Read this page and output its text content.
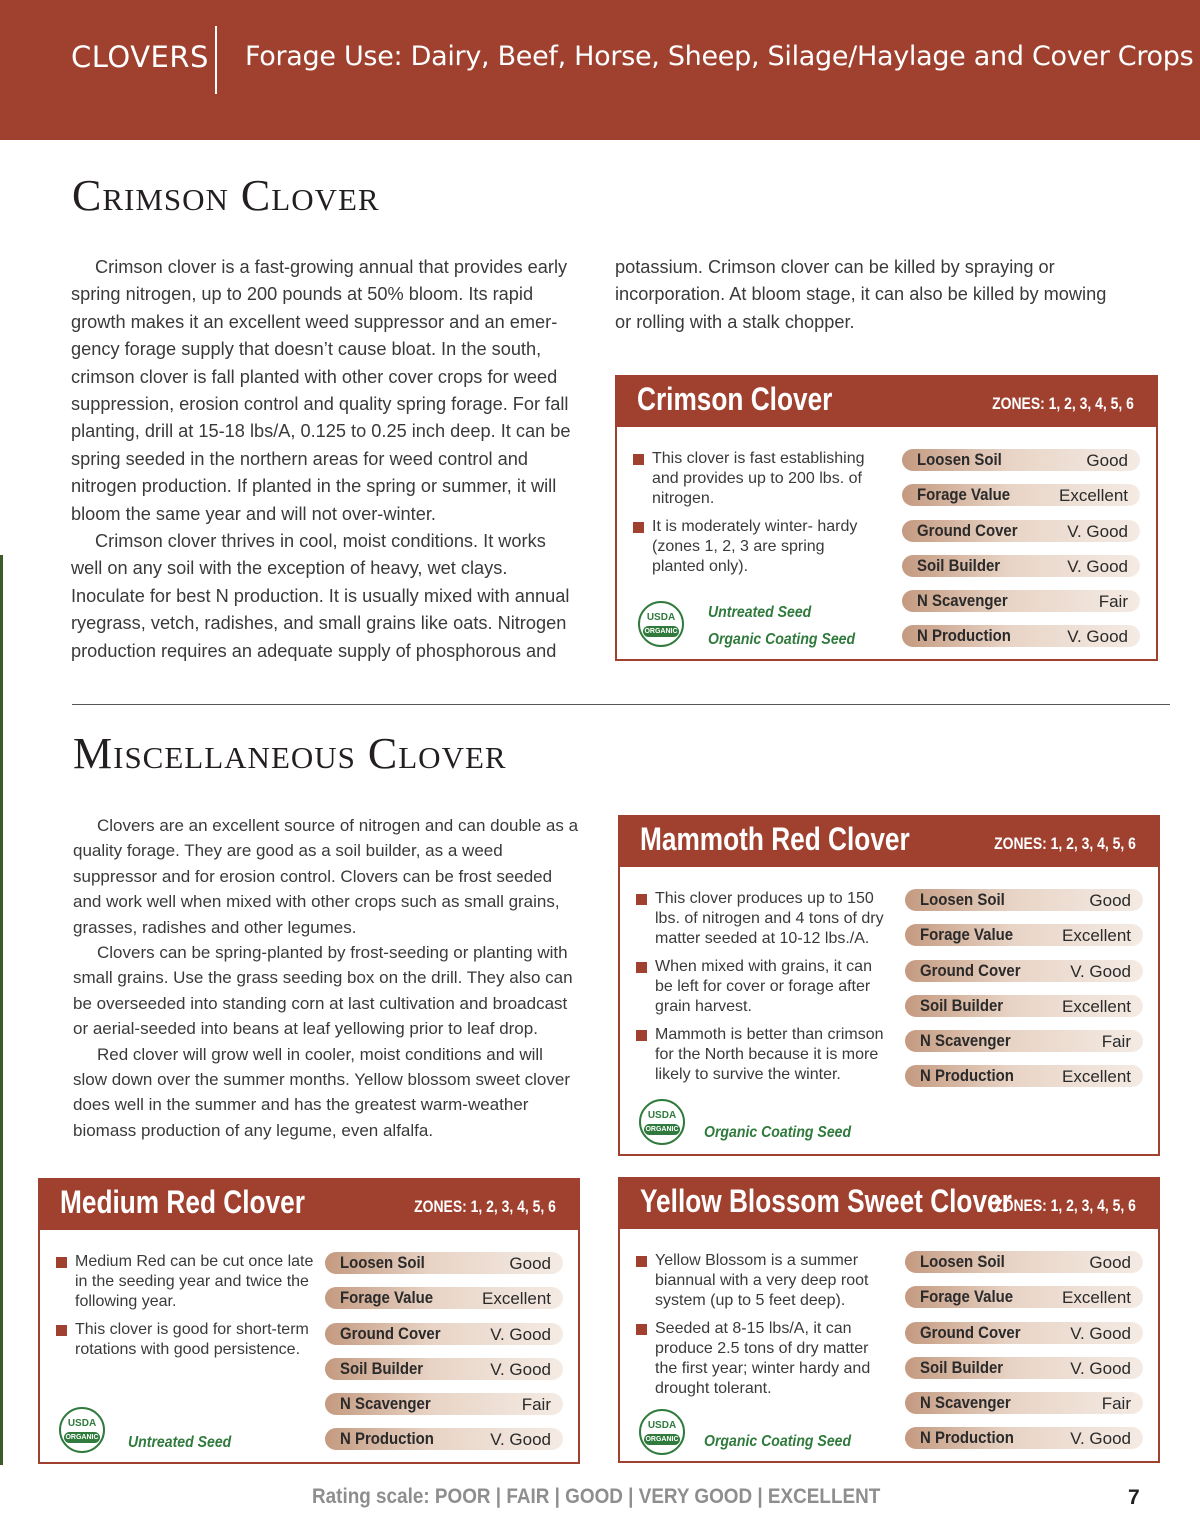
CLOVERS Forage Use: Dairy, Beef, Horse, Sheep, Silage/Haylage and Cover Crops
Crimson Clover

Crimson clover is a fast-growing annual that provides early spring nitrogen, up to 200 pounds at 50% bloom. Its rapid growth makes it an excellent weed suppressor and an emer- gency forage supply that doesn’t cause bloat. In the south, crimson clover is fall planted with other cover crops for weed suppression, erosion control and quality spring forage. For fall planting, drill at 15-18 lbs/A, 0.125 to 0.25 inch deep. It can be spring seeded in the northern areas for weed control and nitrogen production. If planted in the spring or summer, it will bloom the same year and will not over-winter.

Crimson clover thrives in cool, moist conditions. It works well on any soil with the exception of heavy, wet clays. Inoculate for best N production. It is usually mixed with annual ryegrass, vetch, radishes, and small grains like oats. Nitrogen production requires an adequate supply of phosphorous and

potassium. Crimson clover can be killed by spraying or incorporation. At bloom stage, it can also be killed by mowing or rolling with a stalk chopper.

Crimson Clover	ZONES: 1, 2, 3, 4, 5, 6
This clover is fast establishing and provides up to 200 lbs. of nitrogen.
It is moderately winter- hardy (zones 1, 2, 3 are spring planted only).
USDA
ORGANIC
Untreated Seed
Organic Coating Seed
Loosen Soil	Good
Forage Value	Excellent
Ground Cover	V. Good
Soil Builder	V. Good
N Scavenger	Fair
N Production	V. Good
Miscellaneous Clover

Clovers are an excellent source of nitrogen and can double as a quality forage. They are good as a soil builder, as a weed suppressor and for erosion control. Clovers can be frost seeded and work well when mixed with other crops such as small grains, grasses, radishes and other legumes.

Clovers can be spring-planted by frost-seeding or planting with small grains. Use the grass seeding box on the drill. They also can be overseeded into standing corn at last cultivation and broadcast or aerial-seeded into beans at leaf yellowing prior to leaf drop.

Red clover will grow well in cooler, moist conditions and will slow down over the summer months. Yellow blossom sweet clover does well in the summer and has the greatest warm-weather biomass production of any legume, even alfalfa.

Mammoth Red Clover	ZONES: 1, 2, 3, 4, 5, 6
This clover produces up to 150 lbs. of nitrogen and 4 tons of dry matter seeded at 10-12 lbs./A.
When mixed with grains, it can be left for cover or forage after grain harvest.
Mammoth is better than crimson for the North because it is more likely to survive the winter.
USDA
ORGANIC Organic Coating Seed
Loosen Soil	Good
Forage Value	Excellent
Ground Cover	V. Good
Soil Builder	Excellent
N Scavenger	Fair
N Production	Excellent
Medium Red Clover	ZONES: 1, 2, 3, 4, 5, 6
Medium Red can be cut once late in the seeding year and twice the following year.
This clover is good for short-term rotations with good persistence.
USDA
ORGANIC Untreated Seed
Loosen Soil	Good
Forage Value	Excellent
Ground Cover	V. Good
Soil Builder	V. Good
N Scavenger	Fair
N Production	V. Good
Yellow Blossom Sweet Clover
ZONES: 1, 2, 3, 4, 5, 6
Yellow Blossom is a summer biannual with a very deep root system (up to 5 feet deep).
Seeded at 8-15 lbs/A, it can produce 2.5 tons of dry matter the first year; winter hardy and drought tolerant.
USDA
ORGANIC Organic Coating Seed
Loosen Soil	Good
Forage Value	Excellent
Ground Cover	V. Good
Soil Builder	V. Good
N Scavenger	Fair
N Production	V. Good
Rating scale: POOR | FAIR | GOOD | VERY GOOD | EXCELLENT	7
